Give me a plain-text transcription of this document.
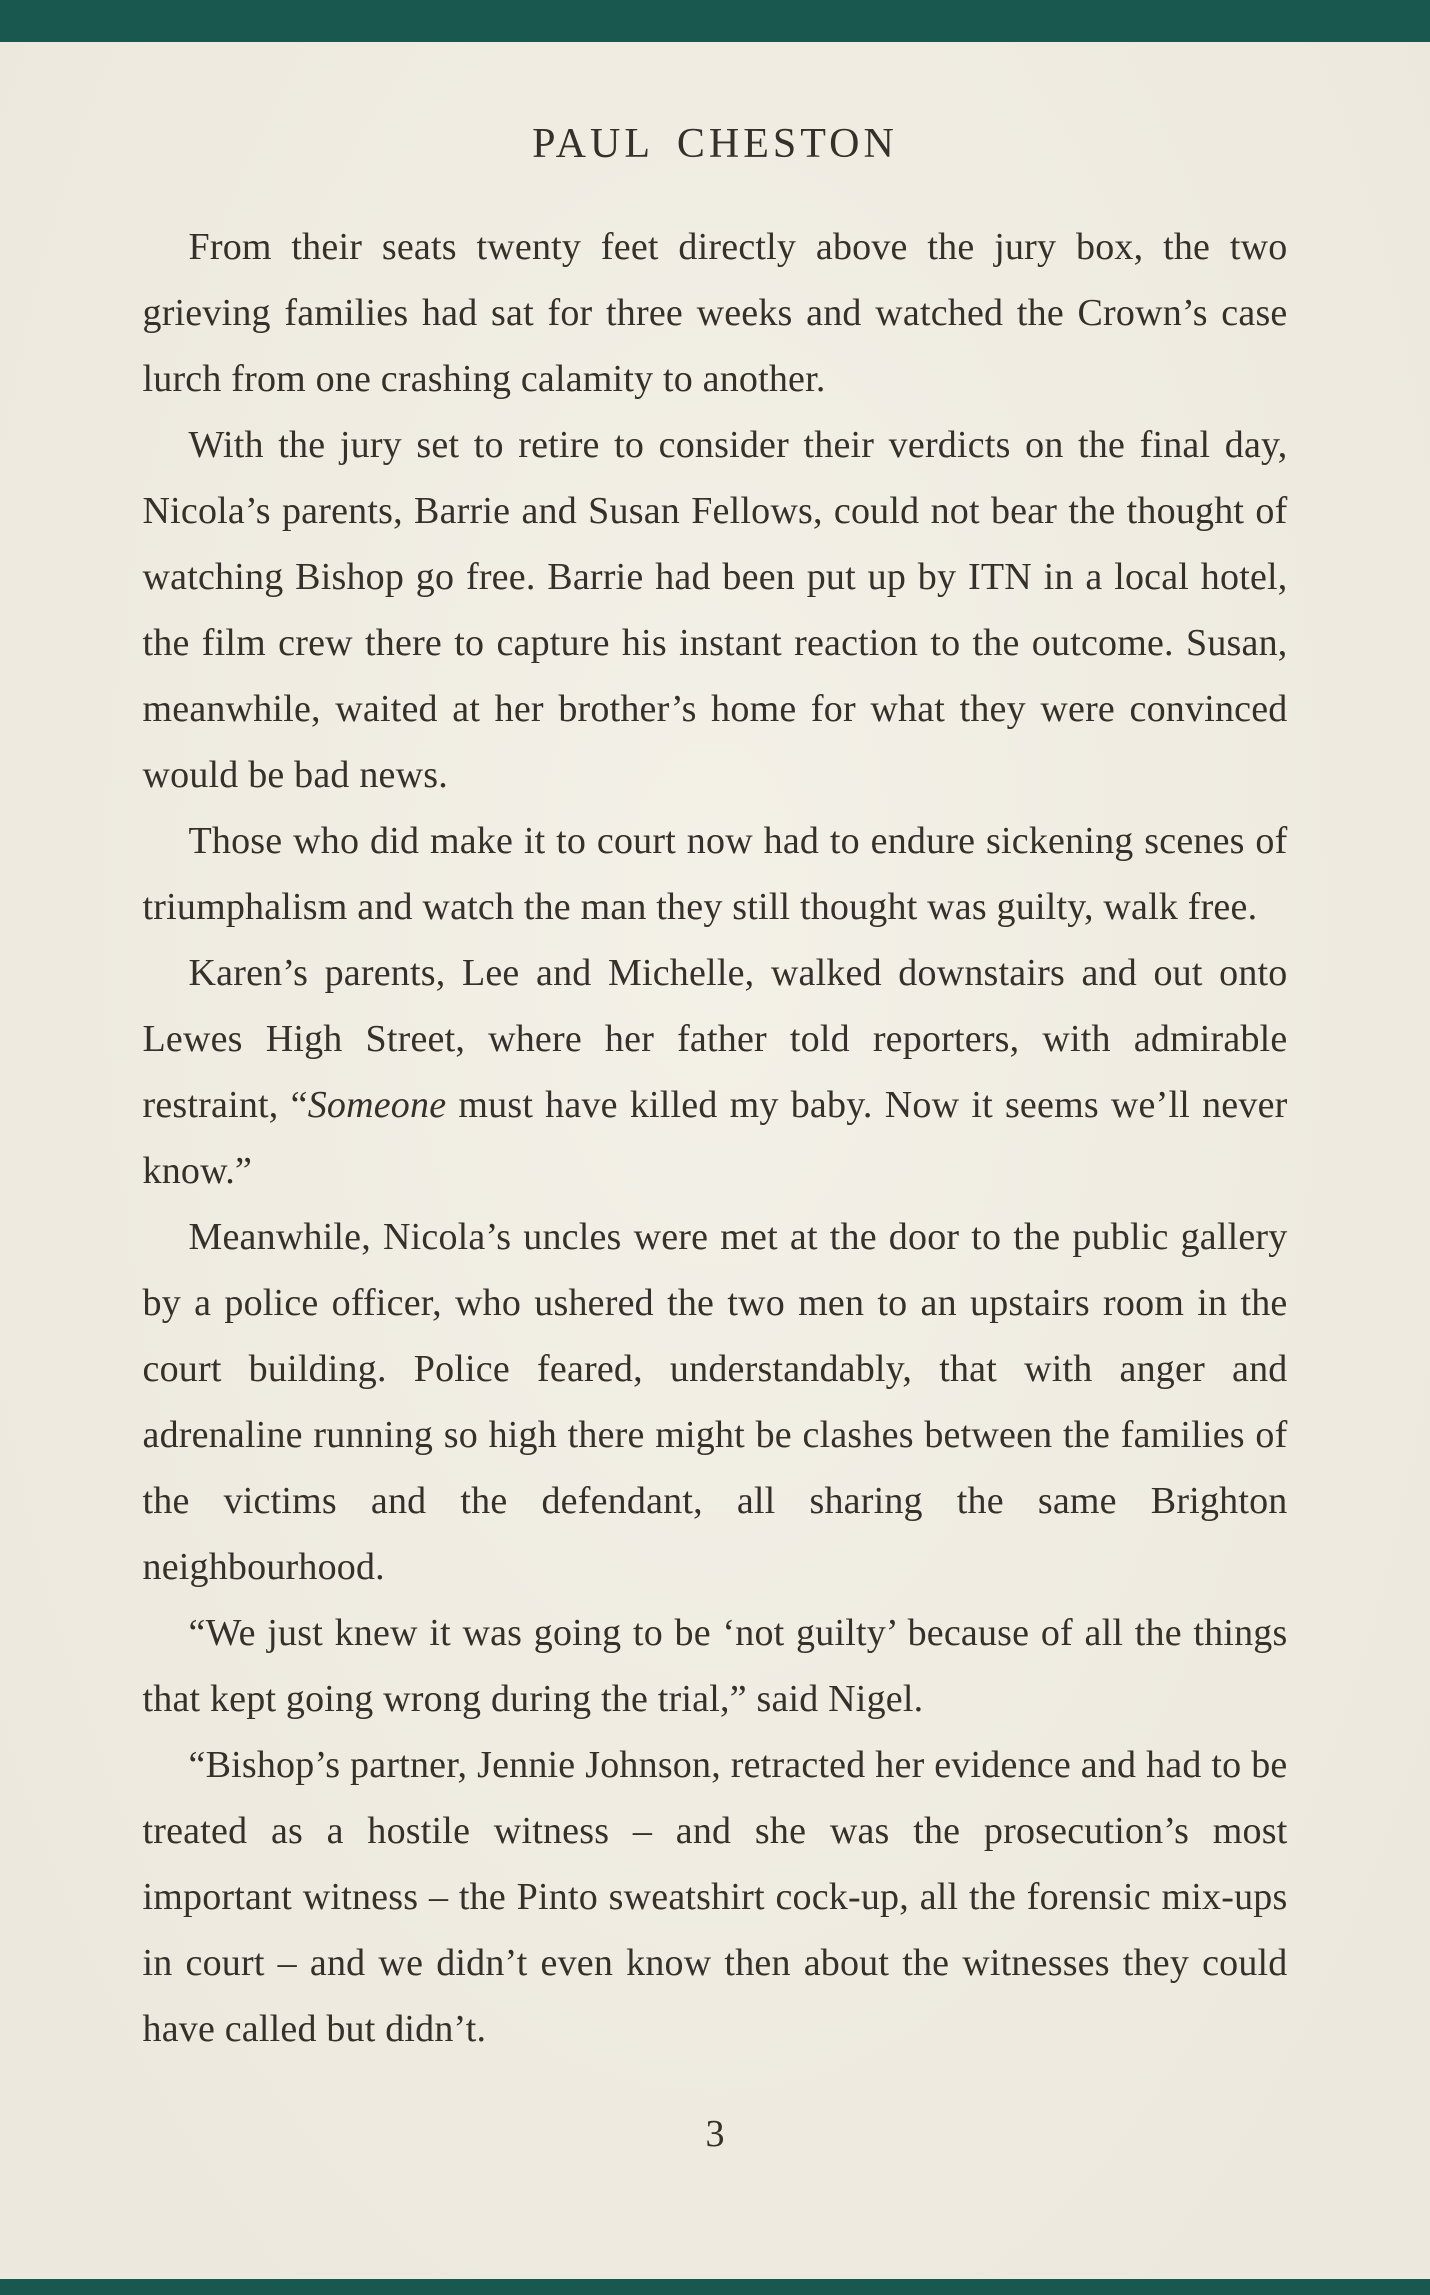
PAUL CHESTON

From their seats twenty feet directly above the jury box, the two grieving families had sat for three weeks and watched the Crown’s case lurch from one crashing calamity to another.

With the jury set to retire to consider their verdicts on the final day, Nicola’s parents, Barrie and Susan Fellows, could not bear the thought of watching Bishop go free. Barrie had been put up by ITN in a local hotel, the film crew there to capture his instant reaction to the outcome. Susan, meanwhile, waited at her brother’s home for what they were convinced would be bad news.

Those who did make it to court now had to endure sickening scenes of triumphalism and watch the man they still thought was guilty, walk free.

Karen’s parents, Lee and Michelle, walked downstairs and out onto Lewes High Street, where her father told reporters, with admirable restraint, “Someone must have killed my baby. Now it seems we’ll never know.”

Meanwhile, Nicola’s uncles were met at the door to the public gallery by a police officer, who ushered the two men to an upstairs room in the court building. Police feared, understandably, that with anger and adrenaline running so high there might be clashes between the families of the victims and the defendant, all sharing the same Brighton neighbourhood.

“We just knew it was going to be ‘not guilty’ because of all the things that kept going wrong during the trial,” said Nigel.

“Bishop’s partner, Jennie Johnson, retracted her evidence and had to be treated as a hostile witness – and she was the prosecution’s most important witness – the Pinto sweatshirt cock-up, all the forensic mix-ups in court – and we didn’t even know then about the witnesses they could have called but didn’t.

3
